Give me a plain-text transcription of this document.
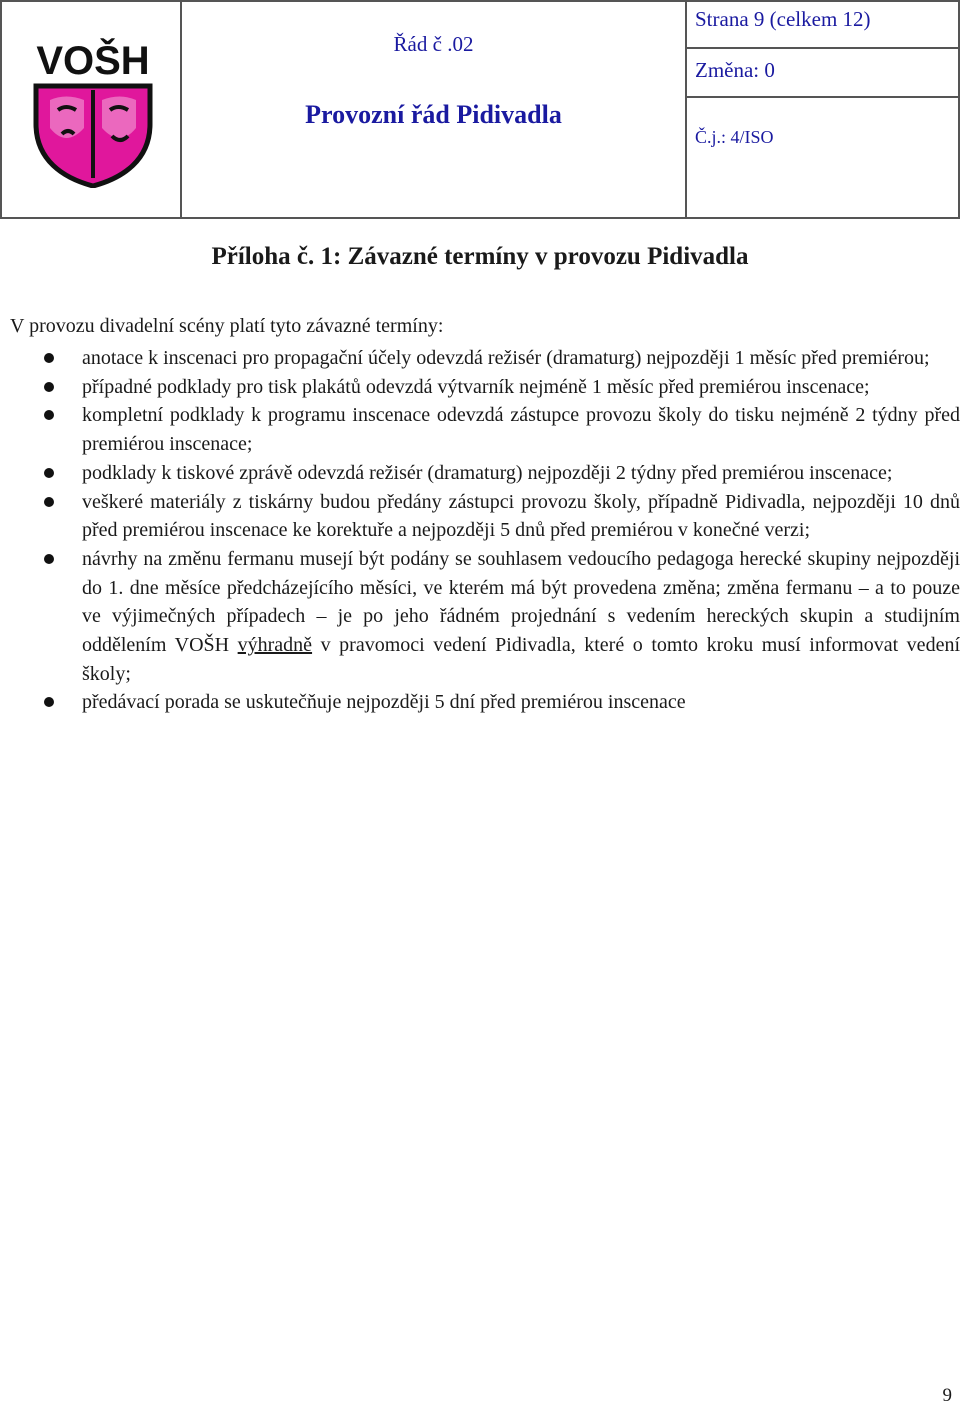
VOŠH	Řád č .02
Provozní řád Pidivadla
Strana 9 (celkem 12)
Změna: 0
Č.j.: 4/ISO
Příloha č. 1: Závazné termíny v provozu Pidivadla
V provozu divadelní scény platí tyto závazné termíny:
anotace k inscenaci pro propagační účely odevzdá režisér (dramaturg) nejpozději 1 měsíc před premiérou;
případné podklady pro tisk plakátů odevzdá výtvarník nejméně 1 měsíc před premiérou inscenace;
kompletní podklady k programu inscenace odevzdá zástupce provozu školy do tisku nejméně 2 týdny před premiérou inscenace;
podklady k tiskové zprávě odevzdá režisér (dramaturg) nejpozději 2 týdny před premiérou inscenace;
veškeré materiály z tiskárny budou předány zástupci provozu školy, případně Pidivadla, nejpozději 10 dnů před premiérou inscenace ke korektuře a nejpozději 5 dnů před premiérou v konečné verzi;
návrhy na změnu fermanu musejí být podány se souhlasem vedoucího pedagoga herecké skupiny nejpozději do 1. dne měsíce předcházejícího měsíci, ve kterém má být provedena změna; změna fermanu – a to pouze ve výjimečných případech – je po jeho řádném projednání s vedením hereckých skupin a studijním oddělením VOŠH výhradně v pravomoci vedení Pidivadla, které o tomto kroku musí informovat vedení školy;
předávací porada se uskutečňuje nejpozději 5 dní před premiérou inscenace
9
